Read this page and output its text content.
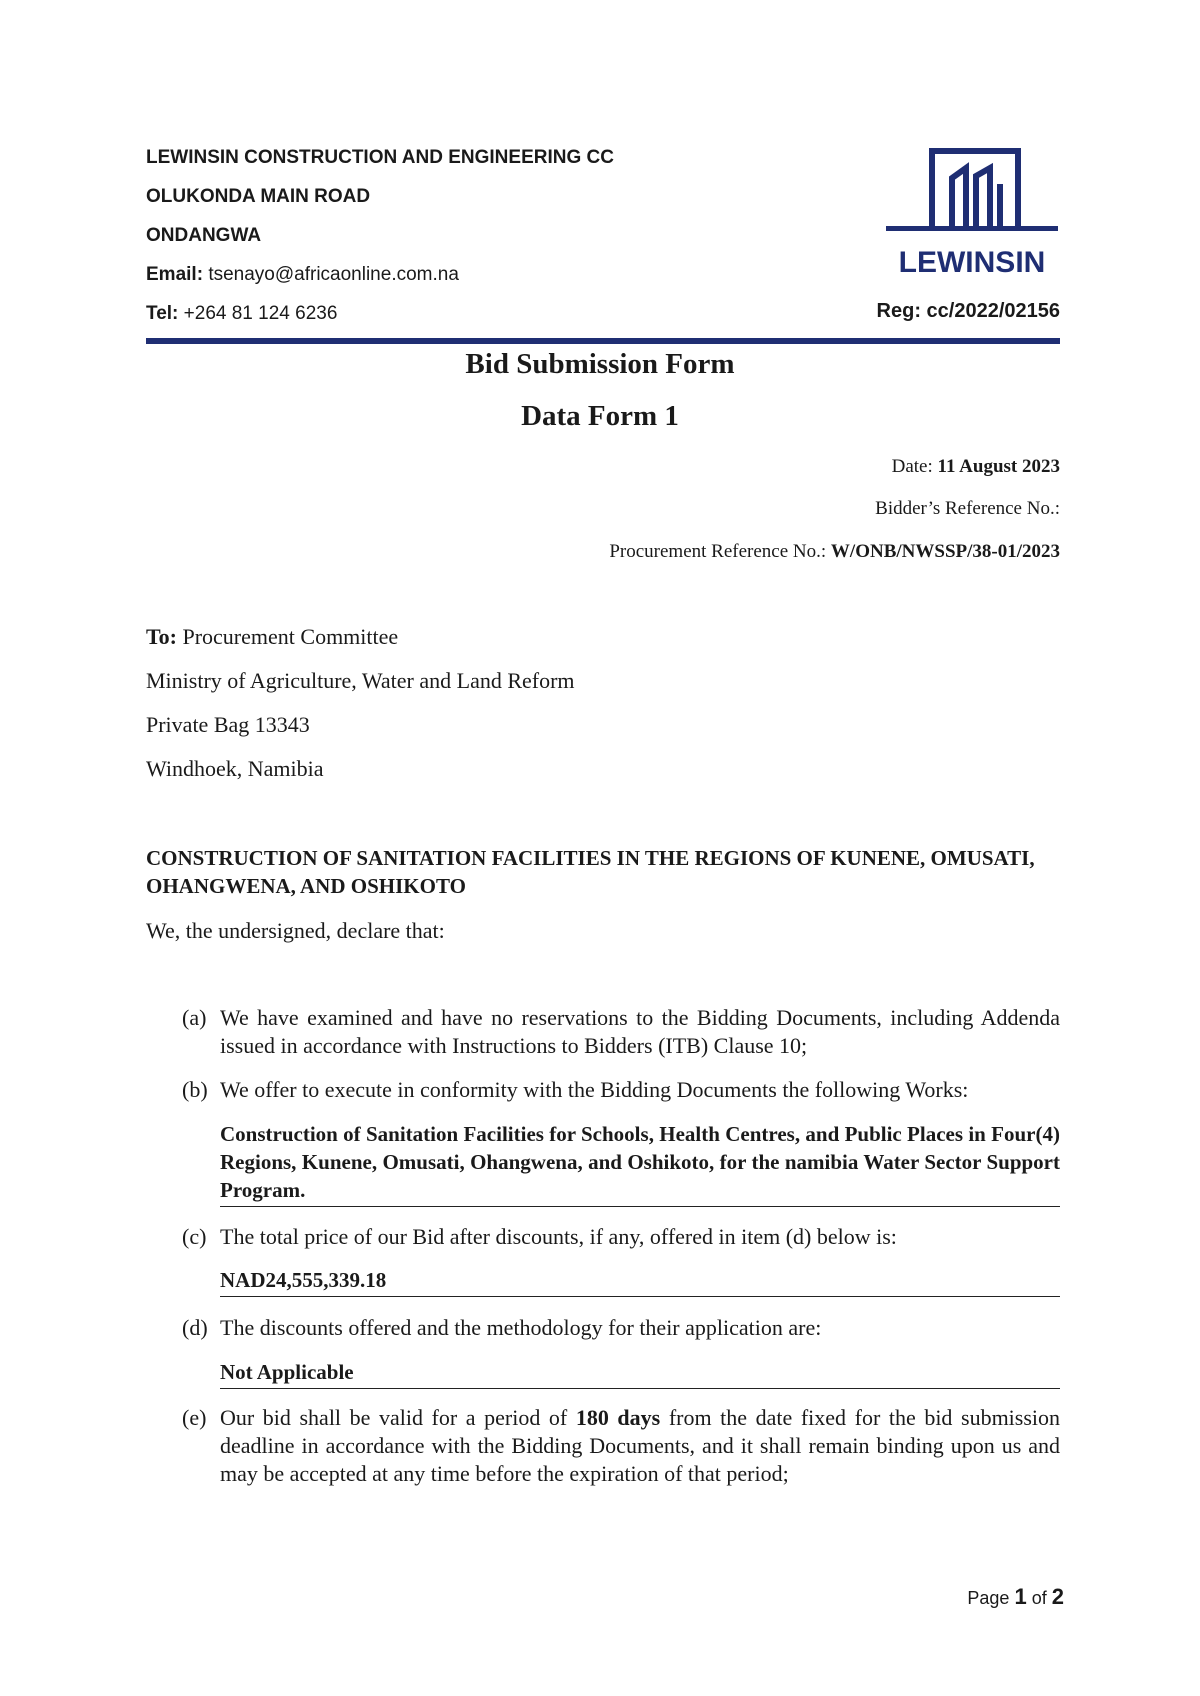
LEWINSIN CONSTRUCTION AND ENGINEERING CC
OLUKONDA MAIN ROAD
ONDANGWA
Email: tsenayo@africaonline.com.na
Tel: +264 81 124 6236	Reg: cc/2022/02156
LEWINSIN
Bid Submission Form
Data Form 1
Date: 11 August 2023
Bidder’s Reference No.:
Procurement Reference No.: W/ONB/NWSSP/38-01/2023
To: Procurement Committee
Ministry of Agriculture, Water and Land Reform
Private Bag 13343
Windhoek, Namibia
CONSTRUCTION OF SANITATION FACILITIES IN THE REGIONS OF KUNENE, OMUSATI, OHANGWENA, AND OSHIKOTO
We, the undersigned, declare that:
(a) We have examined and have no reservations to the Bidding Documents, including Addenda issued in accordance with Instructions to Bidders (ITB) Clause 10;
(b) We offer to execute in conformity with the Bidding Documents the following Works:
Construction of Sanitation Facilities for Schools, Health Centres, and Public Places in Four(4) Regions, Kunene, Omusati, Ohangwena, and Oshikoto, for the namibia Water Sector Support Program.
(c) The total price of our Bid after discounts, if any, offered in item (d) below is:
NAD24,555,339.18
(d) The discounts offered and the methodology for their application are:
Not Applicable
(e) Our bid shall be valid for a period of 180 days from the date fixed for the bid submission deadline in accordance with the Bidding Documents, and it shall remain binding upon us and may be accepted at any time before the expiration of that period;
Page 1 of 2
